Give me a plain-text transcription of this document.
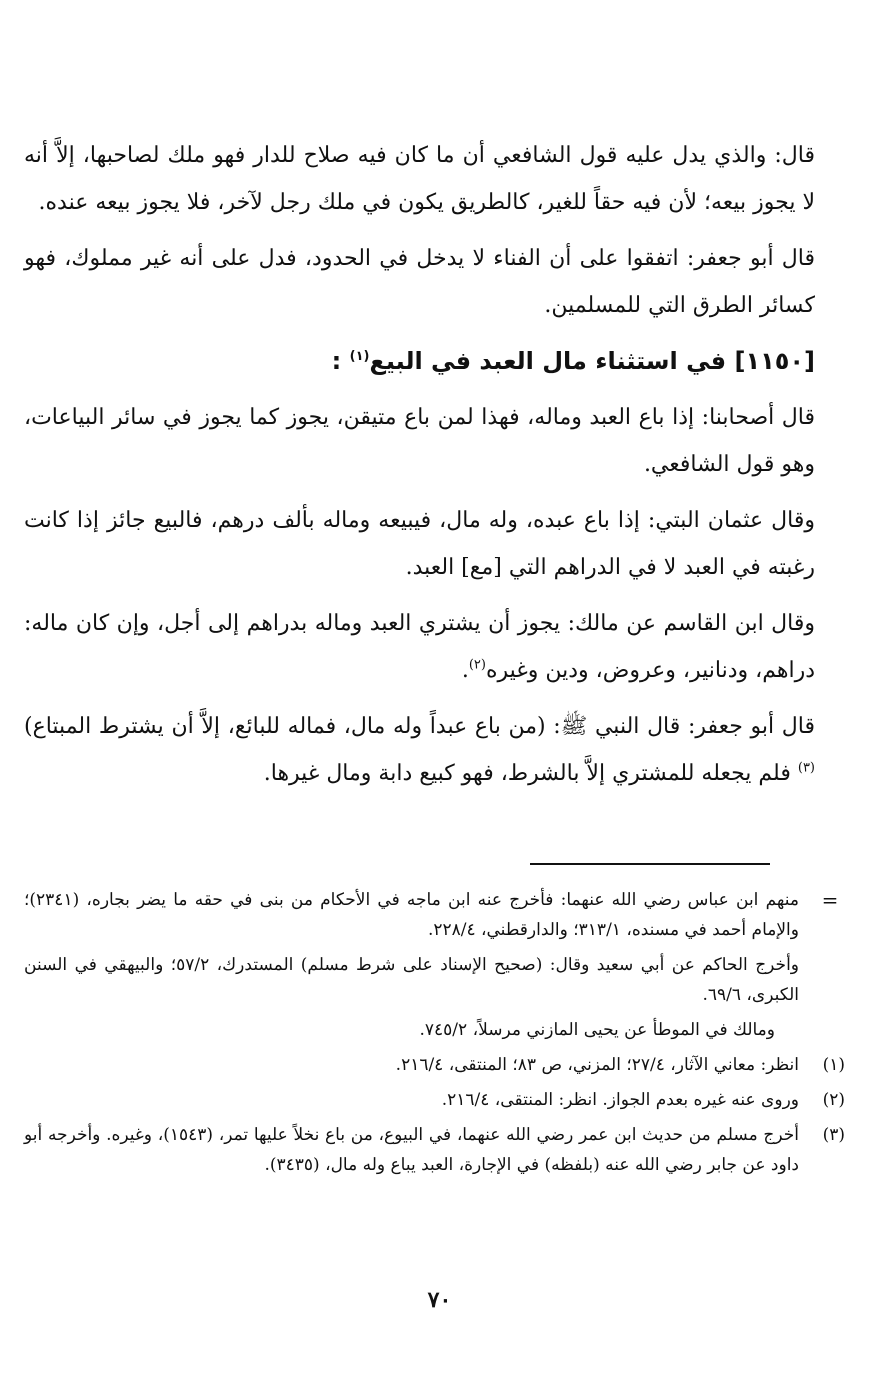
قال: والذي يدل عليه قول الشافعي أن ما كان فيه صلاح للدار فهو ملك لصاحبها، إلاَّ أنه لا يجوز بيعه؛ لأن فيه حقاً للغير، كالطريق يكون في ملك رجل لآخر، فلا يجوز بيعه عنده.

قال أبو جعفر: اتفقوا على أن الفناء لا يدخل في الحدود، فدل على أنه غير مملوك، فهو كسائر الطرق التي للمسلمين.

[١١٥٠] في استثناء مال العبد في البيع$^{(١)}$ :

قال أصحابنا: إذا باع العبد وماله، فهذا لمن باع متيقن، يجوز كما يجوز في سائر البياعات، وهو قول الشافعي.

وقال عثمان البتي: إذا باع عبده، وله مال، فيبيعه وماله بألف درهم، فالبيع جائز إذا كانت رغبته في العبد لا في الدراهم التي [مع] العبد.

وقال ابن القاسم عن مالك: يجوز أن يشتري العبد وماله بدراهم إلى أجل، وإن كان ماله: دراهم، ودنانير، وعروض، ودين وغيره$^{(٢)}$.

قال أبو جعفر: قال النبي ﷺ: (من باع عبداً وله مال، فماله للبائع، إلاَّ أن يشترط المبتاع)$^{(٣)}$ فلم يجعله للمشتري إلاَّ بالشرط، فهو كبيع دابة ومال غيرها.

=

منهم ابن عباس رضي الله عنهما: فأخرج عنه ابن ماجه في الأحكام من بنى في حقه ما يضر بجاره، (٢٣٤١)؛ والإمام أحمد في مسنده، ٣١٣/١؛ والدارقطني، ٢٢٨/٤.

وأخرج الحاكم عن أبي سعيد وقال: (صحيح الإسناد على شرط مسلم) المستدرك، ٥٧/٢؛ والبيهقي في السنن الكبرى، ٦٩/٦.

ومالك في الموطأ عن يحيى المازني مرسلاً، ٧٤٥/٢.

(١)
انظر: معاني الآثار، ٢٧/٤؛ المزني، ص ٨٣؛ المنتقى، ٢١٦/٤.

(٢)
وروى عنه غيره بعدم الجواز. انظر: المنتقى، ٢١٦/٤.

(٣)
أخرج مسلم من حديث ابن عمر رضي الله عنهما، في البيوع، من باع نخلاً عليها تمر، (١٥٤٣)، وغيره. وأخرجه أبو داود عن جابر رضي الله عنه (بلفظه) في الإجارة، العبد يباع وله مال، (٣٤٣٥).

٧٠
